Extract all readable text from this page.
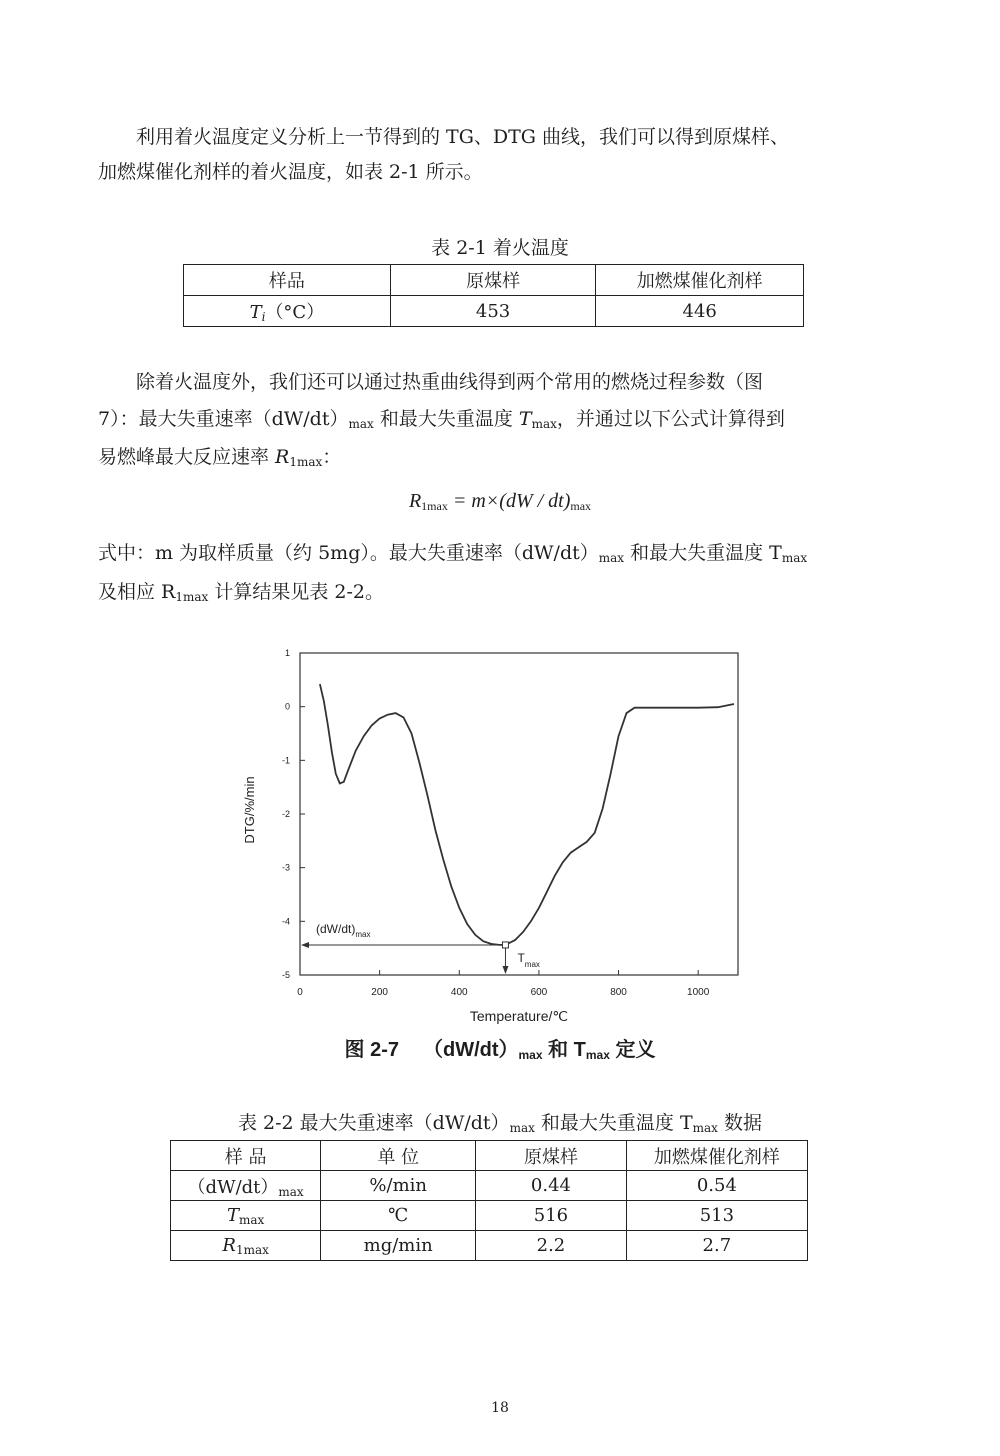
利用着火温度定义分析上一节得到的 TG、DTG 曲线，我们可以得到原煤样、
加燃煤催化剂样的着火温度，如表 2-1 所示。
表 2-1 着火温度
样品	原煤样	加燃煤催化剂样
$T_i(^\circ C)$	453	446
除着火温度外，我们还可以通过热重曲线得到两个常用的燃烧过程参数（图
7）：最大失重速率$(dW/dt)_{max}$ 和最大失重温度 $T_{max}$，并通过以下公式计算得到
易燃峰最大反应速率 $R_{1max}$：
$R_{1max} = m\times(dW / dt)_{max}$
式中：m 为取样质量（约 5mg）。最大失重速率$(dW/dt)_{max}$ 和最大失重温度 $T_{max}$
及相应 $R_{1max}$ 计算结果见表 2-2。
1
0
-1
-2
-3
-4
-5
0	200	400	600	800	1000
DTG/%/min
Temperature/℃
$(dW/dt)_{max}$
$T_{max}$
图 2-7 $(dW/dt)_{max}$ 和 $T_{max}$ 定义
表 2-2 最大失重速率$(dW/dt)_{max}$ 和最大失重温度 $T_{max}$ 数据
样 品	单 位	原煤样	加燃煤催化剂样
$(dW/dt)_{max}$	%/min	0.44	0.54
$T_{max}$	℃	516	513
$R_{1max}$	mg/min	2.2	2.7
18
